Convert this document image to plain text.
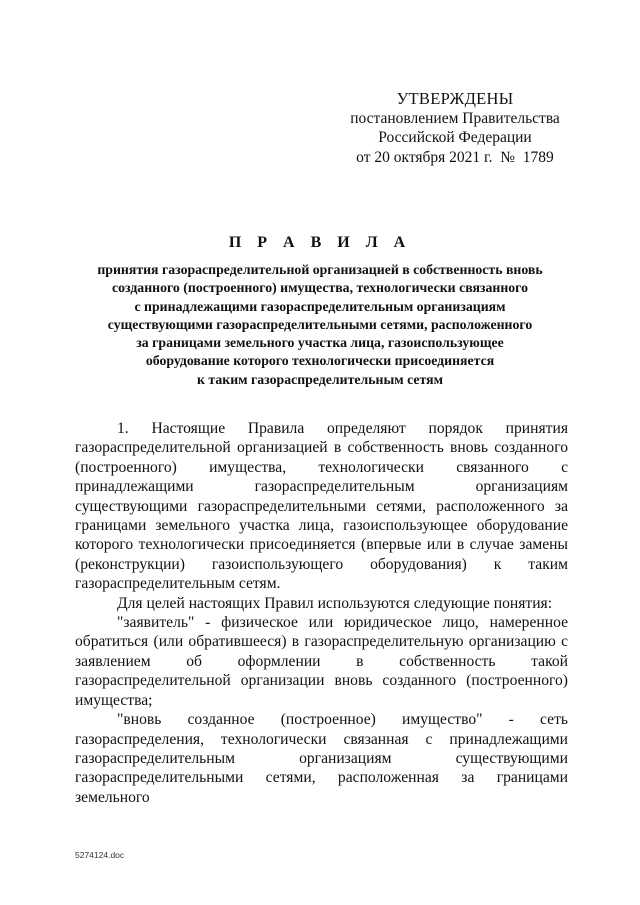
УТВЕРЖДЕНЫ
постановлением Правительства
Российской Федерации
от 20 октября 2021 г.  №  1789
П Р А В И Л А
принятия газораспределительной организацией в собственность вновь
созданного (построенного) имущества, технологически связанного
с принадлежащими газораспределительным организациям
существующими газораспределительными сетями, расположенного
за границами земельного участка лица, газоиспользующее
оборудование которого технологически присоединяется
к таким газораспределительным сетям

1. Настоящие Правила определяют порядок принятия газораспределительной организацией в собственность вновь созданного (построенного) имущества, технологически связанного с принадлежащими газораспределительным организациям существующими газораспределительными сетями, расположенного за границами земельного участка лица, газоиспользующее оборудование которого технологически присоединяется (впервые или в случае замены (реконструкции) газоиспользующего оборудования) к таким газораспределительным сетям.

Для целей настоящих Правил используются следующие понятия:

"заявитель" - физическое или юридическое лицо, намеренное обратиться (или обратившееся) в газораспределительную организацию с заявлением об оформлении в собственность такой газораспределительной организации вновь созданного (построенного) имущества;

"вновь созданное (построенное) имущество" - сеть газораспределения, технологически связанная с принадлежащими газораспределительным организациям существующими газораспределительными сетями, расположенная за границами земельного

5274124.doc
